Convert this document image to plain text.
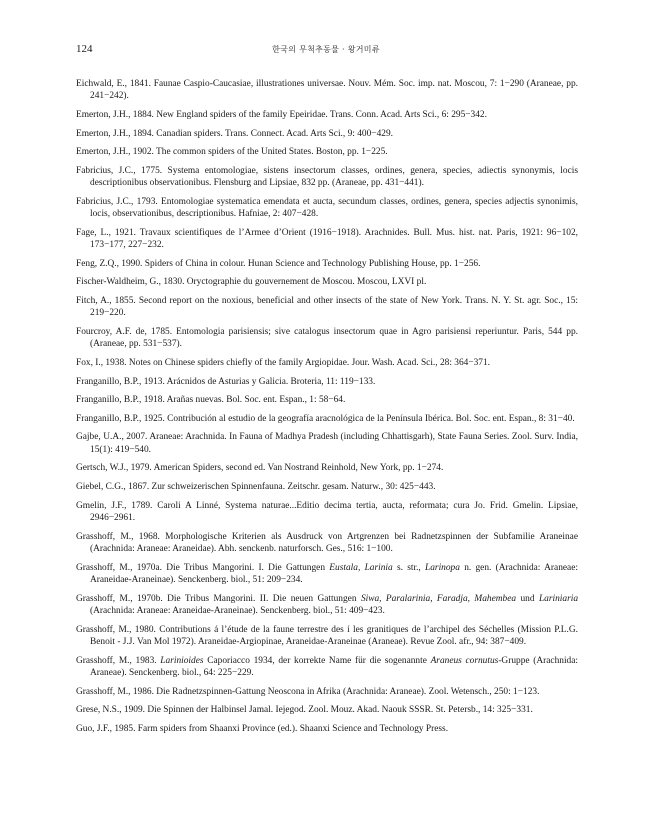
124	한국의 무척추동물 · 왕거미류
Eichwald, E., 1841. Faunae Caspio-Caucasiae, illustrationes universae. Nouv. Mém. Soc. imp. nat. Moscou, 7: 1−290 (Araneae, pp. 241−242).
Emerton, J.H., 1884. New England spiders of the family Epeiridae. Trans. Conn. Acad. Arts Sci., 6: 295−342.
Emerton, J.H., 1894. Canadian spiders. Trans. Connect. Acad. Arts Sci., 9: 400−429.
Emerton, J.H., 1902. The common spiders of the United States. Boston, pp. 1−225.
Fabricius, J.C., 1775. Systema entomologiae, sistens insectorum classes, ordines, genera, species, adiectis synonymis, locis descriptionibus observationibus. Flensburg and Lipsiae, 832 pp. (Araneae, pp. 431−441).
Fabricius, J.C., 1793. Entomologiae systematica emendata et aucta, secundum classes, ordines, genera, species adjectis synonimis, locis, observationibus, descriptionibus. Hafniae, 2: 407−428.
Fage, L., 1921. Travaux scientifiques de l’Armee d’Orient (1916−1918). Arachnides. Bull. Mus. hist. nat. Paris, 1921: 96−102, 173−177, 227−232.
Feng, Z.Q., 1990. Spiders of China in colour. Hunan Science and Technology Publishing House, pp. 1−256.
Fischer-Waldheim, G., 1830. Oryctographie du gouvernement de Moscou. Moscou, LXVI pl.
Fitch, A., 1855. Second report on the noxious, beneficial and other insects of the state of New York. Trans. N. Y. St. agr. Soc., 15: 219−220.
Fourcroy, A.F. de, 1785. Entomologia parisiensis; sive catalogus insectorum quae in Agro parisiensi reperiuntur. Paris, 544 pp. (Araneae, pp. 531−537).
Fox, I., 1938. Notes on Chinese spiders chiefly of the family Argiopidae. Jour. Wash. Acad. Sci., 28: 364−371.
Franganillo, B.P., 1913. Arácnidos de Asturias y Galicia. Broteria, 11: 119−133.
Franganillo, B.P., 1918. Arañas nuevas. Bol. Soc. ent. Espan., 1: 58−64.
Franganillo, B.P., 1925. Contribución al estudio de la geografía aracnológica de la Península Ibérica. Bol. Soc. ent. Espan., 8: 31−40.
Gajbe, U.A., 2007. Araneae: Arachnida. In Fauna of Madhya Pradesh (including Chhattisgarh), State Fauna Series. Zool. Surv. India, 15(1): 419−540.
Gertsch, W.J., 1979. American Spiders, second ed. Van Nostrand Reinhold, New York, pp. 1−274.
Giebel, C.G., 1867. Zur schweizerischen Spinnenfauna. Zeitschr. gesam. Naturw., 30: 425−443.
Gmelin, J.F., 1789. Caroli A Linné, Systema naturae...Editio decima tertia, aucta, reformata; cura Jo. Frid. Gmelin. Lipsiae, 2946−2961.
Grasshoff, M., 1968. Morphologische Kriterien als Ausdruck von Artgrenzen bei Radnetzspinnen der Subfamilie Araneinae (Arachnida: Araneae: Araneidae). Abh. senckenb. naturforsch. Ges., 516: 1−100.
Grasshoff, M., 1970a. Die Tribus Mangorini. I. Die Gattungen Eustala, Larinia s. str., Larinopa n. gen. (Arachnida: Araneae: Araneidae-Araneinae). Senckenberg. biol., 51: 209−234.
Grasshoff, M., 1970b. Die Tribus Mangorini. II. Die neuen Gattungen Siwa, Paralarinia, Faradja, Mahembea und Lariniaria (Arachnida: Araneae: Araneidae-Araneinae). Senckenberg. biol., 51: 409−423.
Grasshoff, M., 1980. Contributions á l’étude de la faune terrestre des í les granitiques de l’archipel des Séchelles (Mission P.L.G. Benoit - J.J. Van Mol 1972). Araneidae-Argiopinae, Araneidae-Araneinae (Araneae). Revue Zool. afr., 94: 387−409.
Grasshoff, M., 1983. Larinioides Caporiacco 1934, der korrekte Name für die sogenannte Araneus cornutus-Gruppe (Arachnida: Araneae). Senckenberg. biol., 64: 225−229.
Grasshoff, M., 1986. Die Radnetzspinnen-Gattung Neoscona in Afrika (Arachnida: Araneae). Zool. Wetensch., 250: 1−123.
Grese, N.S., 1909. Die Spinnen der Halbinsel Jamal. Iejegod. Zool. Mouz. Akad. Naouk SSSR. St. Petersb., 14: 325−331.
Guo, J.F., 1985. Farm spiders from Shaanxi Province (ed.). Shaanxi Science and Technology Press.
